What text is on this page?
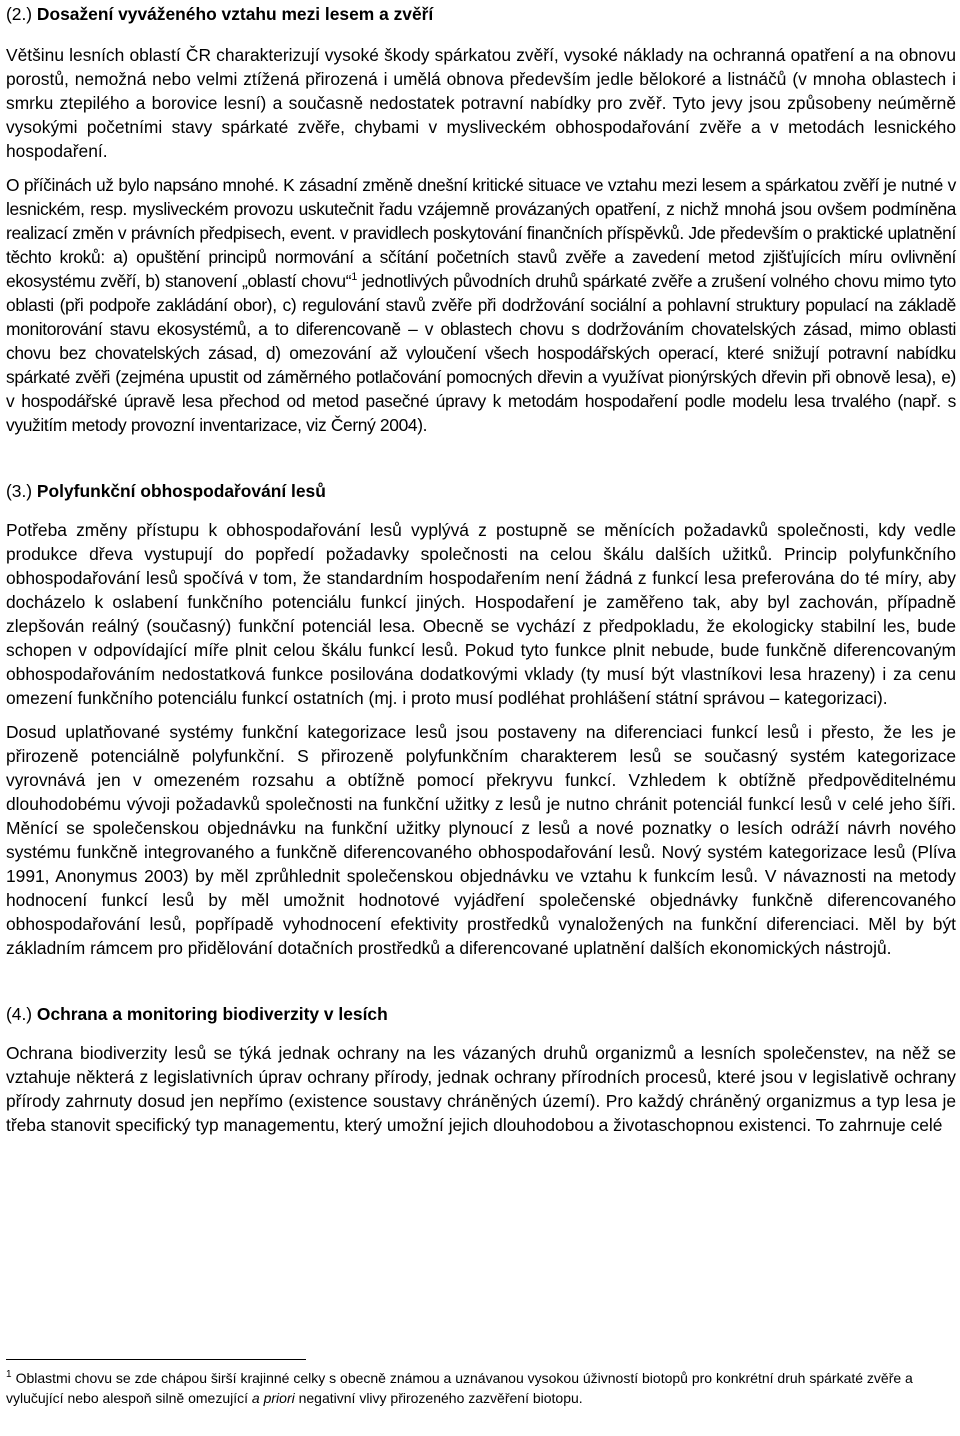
(2.) Dosažení vyváženého vztahu mezi lesem a zvěří

Většinu lesních oblastí ČR charakterizují vysoké škody spárkatou zvěří, vysoké náklady na ochranná opatření a na obnovu porostů, nemožná nebo velmi ztížená přirozená i umělá obnova především jedle bělokoré a listnáčů (v mnoha oblastech i smrku ztepilého a borovice lesní) a současně nedostatek potravní nabídky pro zvěř. Tyto jevy jsou způsobeny neúměrně vysokými početními stavy spárkaté zvěře, chybami v mysliveckém obhospodařování zvěře a v metodách lesnického hospodaření.

O příčinách už bylo napsáno mnohé. K zásadní změně dnešní kritické situace ve vztahu mezi lesem a spárkatou zvěří je nutné v lesnickém, resp. mysliveckém provozu uskutečnit řadu vzájemně provázaných opatření, z nichž mnohá jsou ovšem podmíněna realizací změn v právních předpisech, event. v pravidlech poskytování finančních příspěvků. Jde především o praktické uplatnění těchto kroků: a) opuštění principů normování a sčítání početních stavů zvěře a zavedení metod zjišťujících míru ovlivnění ekosystému zvěří, b) stanovení „oblastí chovu“$^1$ jednotlivých původních druhů spárkaté zvěře a zrušení volného chovu mimo tyto oblasti (při podpoře zakládání obor), c) regulování stavů zvěře při dodržování sociální a pohlavní struktury populací na základě monitorování stavu ekosystémů, a to diferencovaně – v oblastech chovu s dodržováním chovatelských zásad, mimo oblasti chovu bez chovatelských zásad, d) omezování až vyloučení všech hospodářských operací, které snižují potravní nabídku spárkaté zvěři (zejména upustit od záměrného potlačování pomocných dřevin a využívat pionýrských dřevin při obnově lesa), e) v hospodářské úpravě lesa přechod od metod pasečné úpravy k metodám hospodaření podle modelu lesa trvalého (např. s využitím metody provozní inventarizace, viz Černý 2004).

(3.) Polyfunkční obhospodařování lesů

Potřeba změny přístupu k obhospodařování lesů vyplývá z postupně se měnících požadavků společnosti, kdy vedle produkce dřeva vystupují do popředí požadavky společnosti na celou škálu dalších užitků. Princip polyfunkčního obhospodařování lesů spočívá v tom, že standardním hospodařením není žádná z funkcí lesa preferována do té míry, aby docházelo k oslabení funkčního potenciálu funkcí jiných. Hospodaření je zaměřeno tak, aby byl zachován, případně zlepšován reálný (současný) funkční potenciál lesa. Obecně se vychází z předpokladu, že ekologicky stabilní les, bude schopen v odpovídající míře plnit celou škálu funkcí lesů. Pokud tyto funkce plnit nebude, bude funkčně diferencovaným obhospodařováním nedostatková funkce posilována dodatkovými vklady (ty musí být vlastníkovi lesa hrazeny) i za cenu omezení funkčního potenciálu funkcí ostatních (mj. i proto musí podléhat prohlášení státní správou – kategorizaci).

Dosud uplatňované systémy funkční kategorizace lesů jsou postaveny na diferenciaci funkcí lesů i přesto, že les je přirozeně potenciálně polyfunkční. S přirozeně polyfunkčním charakterem lesů se současný systém kategorizace vyrovnává jen v omezeném rozsahu a obtížně pomocí překryvu funkcí. Vzhledem k obtížně předpověditelnému dlouhodobému vývoji požadavků společnosti na funkční užitky z lesů je nutno chránit potenciál funkcí lesů v celé jeho šíři. Měnící se společenskou objednávku na funkční užitky plynoucí z lesů a nové poznatky o lesích odráží návrh nového systému funkčně integrovaného a funkčně diferencovaného obhospodařování lesů. Nový systém kategorizace lesů (Plíva 1991, Anonymus 2003) by měl zprůhlednit společenskou objednávku ve vztahu k funkcím lesů. V návaznosti na metody hodnocení funkcí lesů by měl umožnit hodnotové vyjádření společenské objednávky funkčně diferencovaného obhospodařování lesů, popřípadě vyhodnocení efektivity prostředků vynaložených na funkční diferenciaci. Měl by být základním rámcem pro přidělování dotačních prostředků a diferencované uplatnění dalších ekonomických nástrojů.

(4.) Ochrana a monitoring biodiverzity v lesích

Ochrana biodiverzity lesů se týká jednak ochrany na les vázaných druhů organizmů a lesních společenstev, na něž se vztahuje některá z legislativních úprav ochrany přírody, jednak ochrany přírodních procesů, které jsou v legislativě ochrany přírody zahrnuty dosud jen nepřímo (existence soustavy chráněných území). Pro každý chráněný organizmus a typ lesa je třeba stanovit specifický typ managementu, který umožní jejich dlouhodobou a životaschopnou existenci. To zahrnuje celé

$^1$ Oblastmi chovu se zde chápou širší krajinné celky s obecně známou a uznávanou vysokou úživností biotopů pro konkrétní druh spárkaté zvěře a vylučující nebo alespoň silně omezující a priori negativní vlivy přirozeného zazvěření biotopu.
